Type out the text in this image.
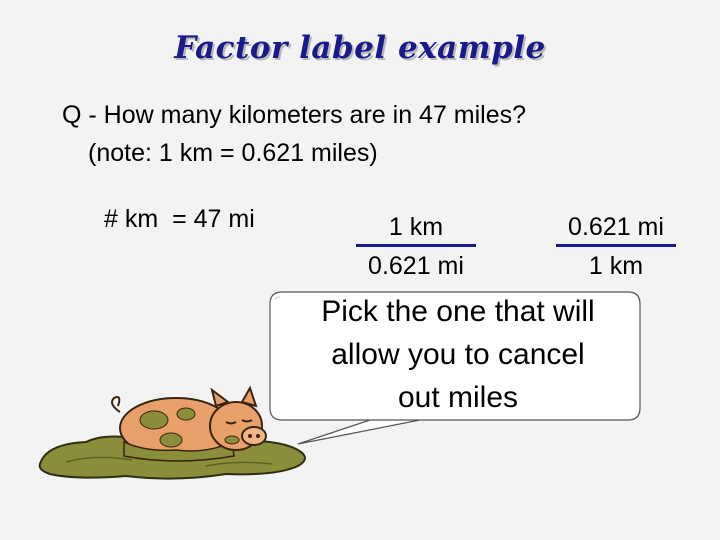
Factor label example
Q - How many kilometers are in 47 miles?
(note: 1 km = 0.621 miles)
# km  = 47 mi	1 km
0.621 mi
0.621 mi
1 km
Pick the one that will
allow you to cancel
out miles
